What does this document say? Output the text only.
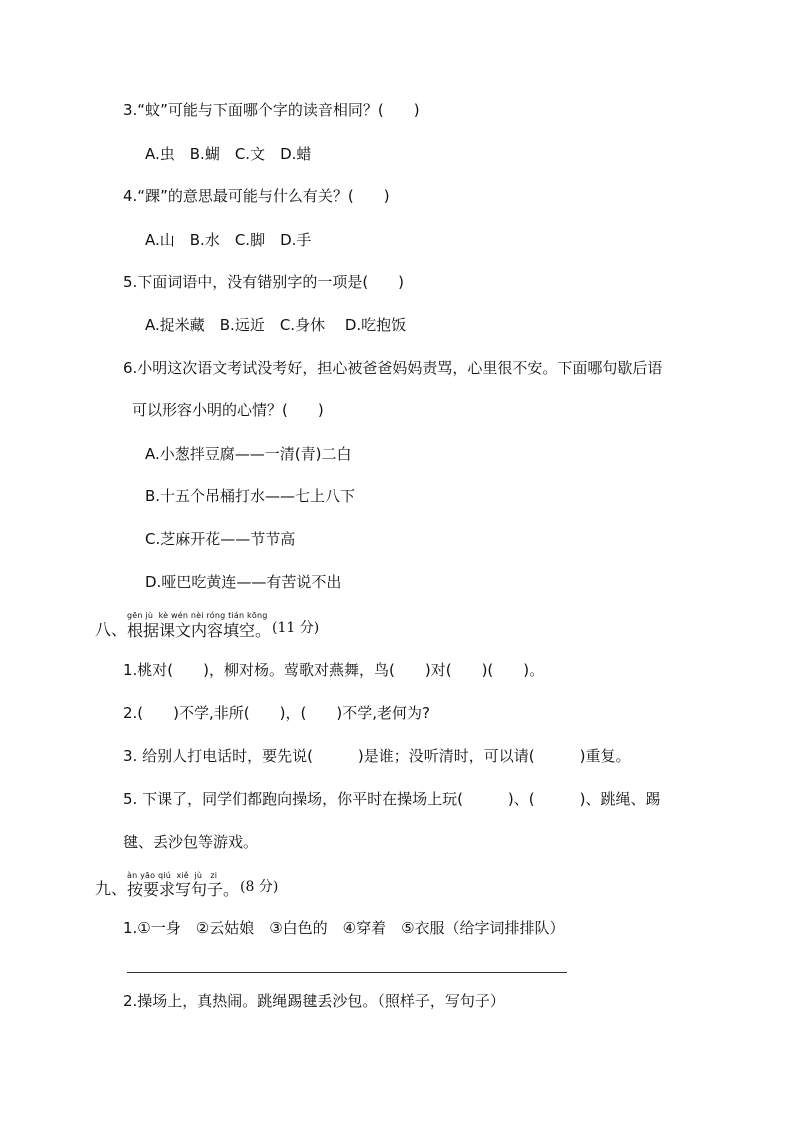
3.“蚊”可能与下面哪个字的读音相同？(　　)
A.虫　B.蝴　C.文　D.蜡
4.“踝”的意思最可能与什么有关？(　　)
A.山　B.水　C.脚　D.手
5.下面词语中，没有错别字的一项是(　　)
A.捉米藏　B.远近　C.身休　 D.吃抱饭
6.小明这次语文考试没考好，担心被爸爸妈妈责骂，心里很不安。下面哪句歇后语
可以形容小明的心情？(　　)
A.小葱拌豆腐——一清(青)二白
B.十五个吊桶打水——七上八下
C.芝麻开花——节节高
D.哑巴吃黄连——有苦说不出
gēn jù  kè wén nèi róng tián kōng
八、 根据课文内容填空。 (11 分)
1.桃对(　　)，柳对杨。莺歌对燕舞，鸟(　　)对(　　)(　　)。
2.(　　)不学,非所(　　)，(　　)不学,老何为?
3. 给别人打电话时，要先说(　　　)是谁；没听清时，可以请(　　　)重复。
5. 下课了，同学们都跑向操场，你平时在操场上玩(　　　)、(　　　)、跳绳、踢
毽、丢沙包等游戏。
àn yāo qiú  xiě  jù   zi
九、 按要求写句子。 (8 分)
1.①一身　②云姑娘　③白色的　④穿着　⑤衣服（给字词排排队）
2.操场上，真热闹。跳绳踢毽丢沙包。（照样子，写句子）
